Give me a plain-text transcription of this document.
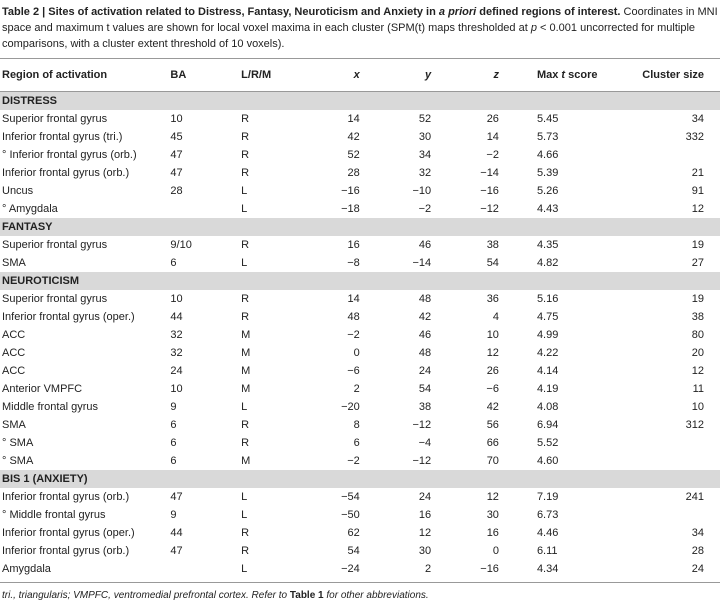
Table 2 | Sites of activation related to Distress, Fantasy, Neuroticism and Anxiety in a priori defined regions of interest. Coordinates in MNI space and maximum t values are shown for local voxel maxima in each cluster (SPM(t) maps thresholded at p < 0.001 uncorrected for multiple comparisons, with a cluster extent threshold of 10 voxels).
Region of activation	BA	L/R/M	x	y	z	Max t score	Cluster size
DISTRESS							
Superior frontal gyrus	10	R	14	52	26	5.45	34
Inferior frontal gyrus (tri.)	45	R	42	30	14	5.73	332
° Inferior frontal gyrus (orb.)	47	R	52	34	−2	4.66	
Inferior frontal gyrus (orb.)	47	R	28	32	−14	5.39	21
Uncus	28	L	−16	−10	−16	5.26	91
° Amygdala		L	−18	−2	−12	4.43	12
FANTASY							
Superior frontal gyrus	9/10	R	16	46	38	4.35	19
SMA	6	L	−8	−14	54	4.82	27
NEUROTICISM							
Superior frontal gyrus	10	R	14	48	36	5.16	19
Inferior frontal gyrus (oper.)	44	R	48	42	4	4.75	38
ACC	32	M	−2	46	10	4.99	80
ACC	32	M	0	48	12	4.22	20
ACC	24	M	−6	24	26	4.14	12
Anterior VMPFC	10	M	2	54	−6	4.19	11
Middle frontal gyrus	9	L	−20	38	42	4.08	10
SMA	6	R	8	−12	56	6.94	312
° SMA	6	R	6	−4	66	5.52	
° SMA	6	M	−2	−12	70	4.60	
BIS 1 (ANXIETY)							
Inferior frontal gyrus (orb.)	47	L	−54	24	12	7.19	241
° Middle frontal gyrus	9	L	−50	16	30	6.73	
Inferior frontal gyrus (oper.)	44	R	62	12	16	4.46	34
Inferior frontal gyrus (orb.)	47	R	54	30	0	6.11	28
Amygdala		L	−24	2	−16	4.34	24
tri., triangularis; VMPFC, ventromedial prefrontal cortex. Refer to Table 1 for other abbreviations.
